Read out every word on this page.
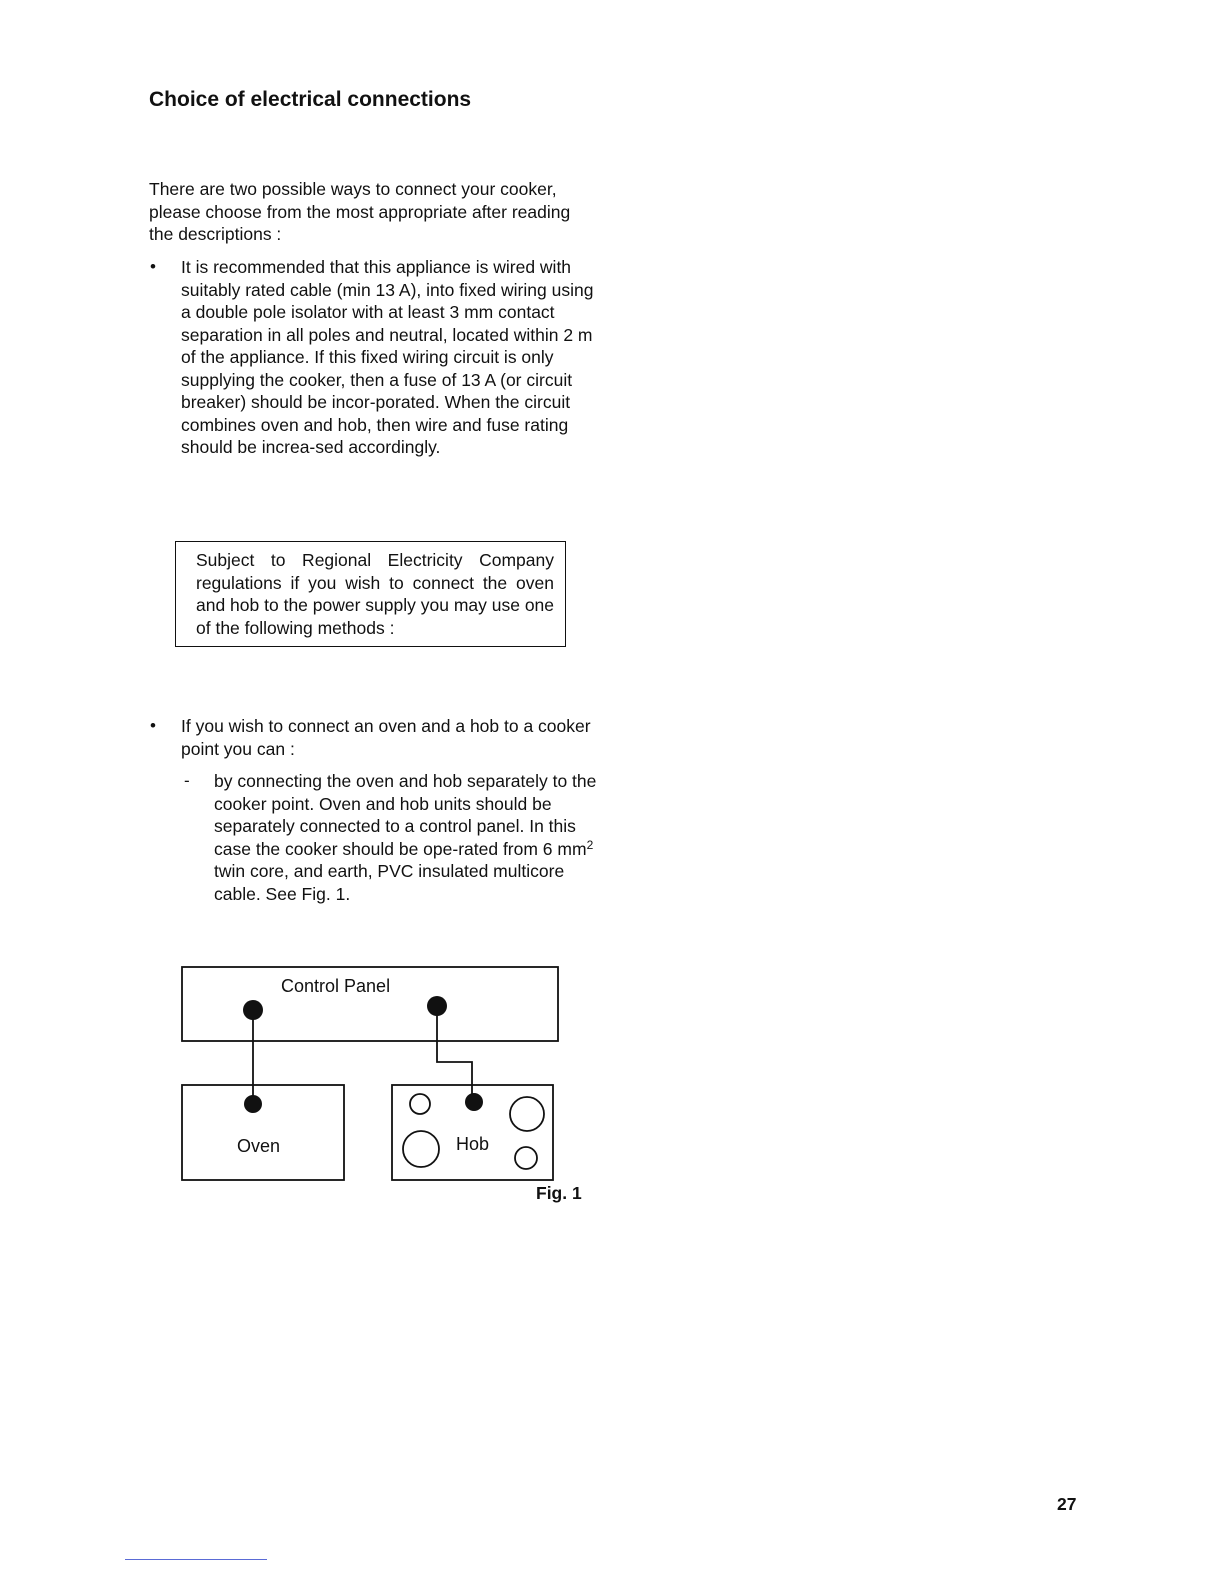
Choice of electrical connections

There are two possible ways to connect your cooker, please choose from the most appropriate after reading the descriptions :

• It is recommended that this appliance is wired with suitably rated cable (min 13 A), into fixed wiring using a double pole isolator with at least 3 mm contact separation in all poles and neutral, located within 2 m of the appliance. If this fixed wiring circuit is only supplying the cooker, then a fuse of 13 A (or circuit breaker) should be incor-porated. When the circuit combines oven and hob, then wire and fuse rating should be increa-sed accordingly.

Subject to Regional Electricity Company regulations if you wish to connect the oven and hob to the power supply you may use one of the following methods :

• If you wish to connect an oven and a hob to a cooker point you can :

- by connecting the oven and hob separately to the cooker point. Oven and hob units should be separately connected to a control panel. In this case the cooker should be ope-rated from 6 $mm^2$ twin core, and earth, PVC insulated multicore cable. See Fig. 1.

Control Panel
Oven	Hob
Fig. 1
27
